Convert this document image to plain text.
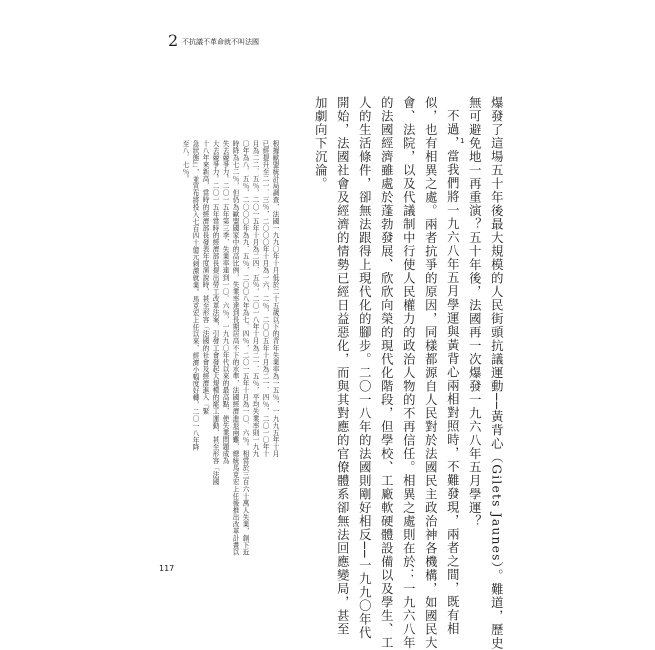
2 不抗議不革命就不叫法國
爆發了這場五十年後最大規模的人民街頭抗議運動──黃背心（Gilets Jaunes）。難道，歷史
無可避免地一再重演？五十年後，法國再一次爆發一九六八年五月學運？
不過，當我們將一九六八年五月學運與黃背心兩相對照時，不難發現，兩者之間，既有相
似，也有相異之處。兩者抗爭的原因，同樣都源自人民對於法國民主政治神各機構，如國民大
會、法院，以及代議制中行使人民權力的政治人物的不再信任。相異之處則在於：一九六八年
的法國經濟雖處於蓬勃發展、欣欣向榮的現代化階段，但學校、工廠軟硬體設備以及學生、工
人的生活條件，卻無法跟得上現代化的腳步。二〇一八年的法國則剛好相反──一九九〇年代
開始，法國社會及經濟的情勢已經日益惡化，而與其對應的官僚體系卻無法回應變局，甚至
加劇向下沉淪。	1
根據歐盟統計局調查，法國一九九〇年十月低於二十五歲以下的青年失業率為一五％，一九九五年十月
已經提升至二一．三％，二〇〇〇年十月為一六．二％，二〇〇五年十月為二一．四％，二〇一〇年十
月為二二．五％，二〇一五年十月為二四．五％，二〇一八年十月為二一．五％，平均失業率則一九九
〇年為八．五％，二〇〇〇年為九．五％，二〇〇八年為七．四％，二〇一五年十月為一〇．六％。相當於三百六十萬人失業，創下近
時降為七二％，但仍為歐盟國家中的高比例，失業率達到長期居高不下的水準，法國經濟進退兩難，總統馬克宏上任後推出改革計畫以
失去競爭力。二〇一五年第三季，失業率達到一〇．六％，一九九〇年代以來的最高點，使失業問題成為
大去競爭力。二〇一五年當時的經濟部長提出勞工改革法案，引發工會發起大規模的罷工運動，甚至形容「法國
十八年來新高，當時的經濟部長發表年度演說時，甚至形容「法國的社會及經濟進入『緊
急狀態』」，並宣布將投入七百四十億元刺激就業。馬克宏上任以來，經濟小幅度好轉，二〇一八年降
至八．七％。
117
